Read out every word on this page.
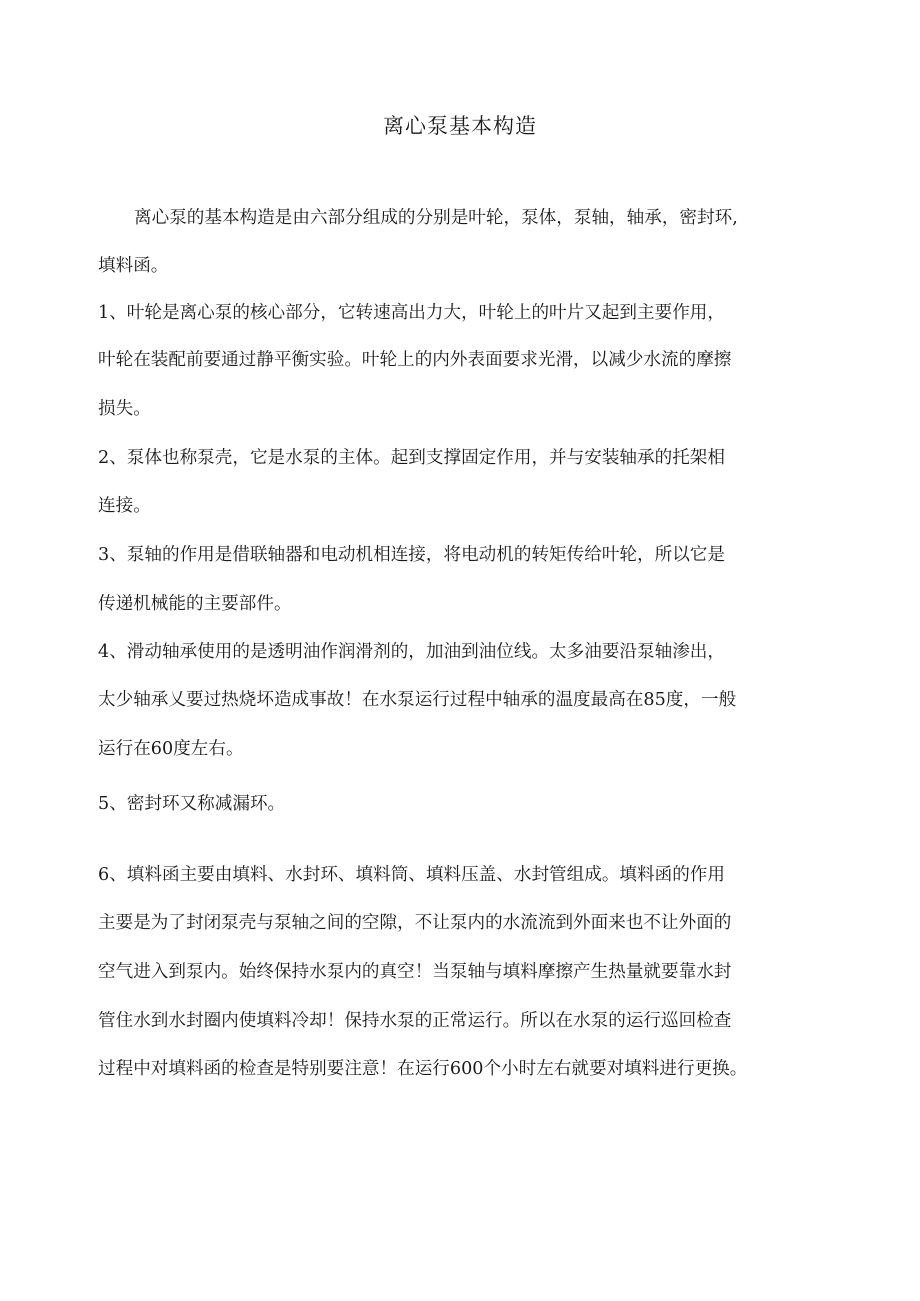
离心泵基本构造

离心泵的基本构造是由六部分组成的分别是叶轮，泵体，泵轴，轴承，密封环,

填料函。

1、叶轮是离心泵的核心部分，它转速高出力大，叶轮上的叶片又起到主要作用，

叶轮在装配前要通过静平衡实验。叶轮上的内外表面要求光滑，以减少水流的摩擦

损失。

2、泵体也称泵壳，它是水泵的主体。起到支撑固定作用，并与安装轴承的托架相

连接。

3、泵轴的作用是借联轴器和电动机相连接，将电动机的转矩传给叶轮，所以它是

传递机械能的主要部件。

4、滑动轴承使用的是透明油作润滑剂的，加油到油位线。太多油要沿泵轴渗出，

太少轴承乂要过热烧坏造成事故！在水泵运行过程中轴承的温度最高在85度，一般

运行在60度左右。

5、密封环又称减漏环。

6、填料函主要由填料、水封环、填料筒、填料压盖、水封管组成。填料函的作用

主要是为了封闭泵壳与泵轴之间的空隙，不让泵内的水流流到外面来也不让外面的

空气进入到泵内。始终保持水泵内的真空！当泵轴与填料摩擦产生热量就要靠水封

管住水到水封圈内使填料冷却！保持水泵的正常运行。所以在水泵的运行巡回检查

过程中对填料函的检查是特别要注意！在运行600个小时左右就要对填料进行更换。
